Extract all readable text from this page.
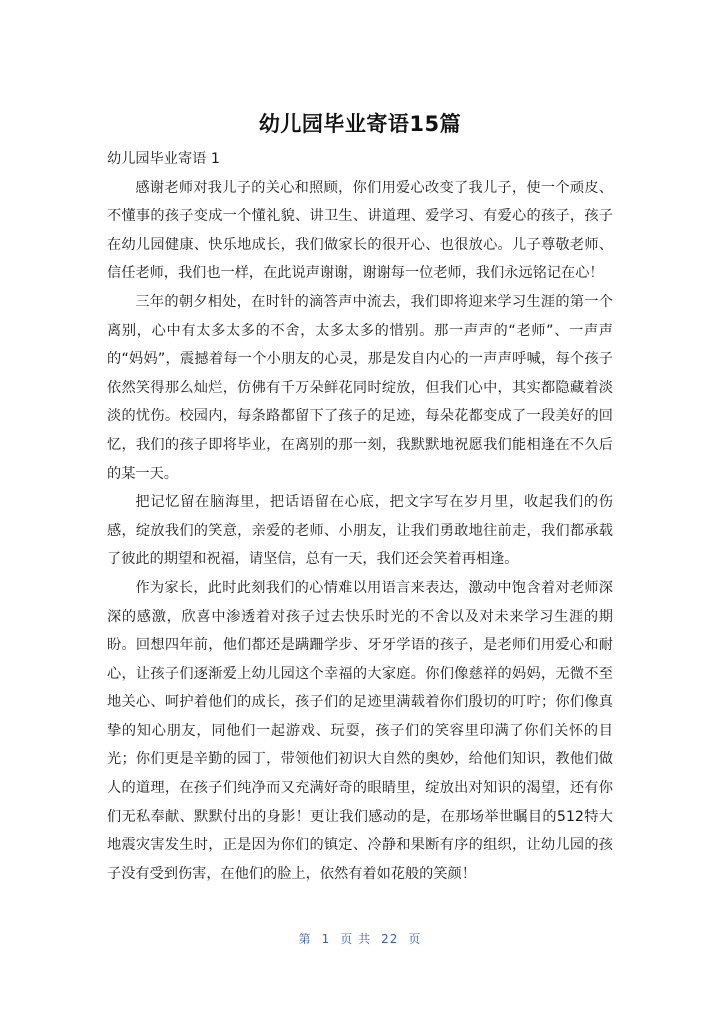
幼儿园毕业寄语15篇

幼儿园毕业寄语 1

感谢老师对我儿子的关心和照顾，你们用爱心改变了我儿子，使一个顽皮、不懂事的孩子变成一个懂礼貌、讲卫生、讲道理、爱学习、有爱心的孩子，孩子在幼儿园健康、快乐地成长，我们做家长的很开心、也很放心。儿子尊敬老师、信任老师，我们也一样，在此说声谢谢，谢谢每一位老师，我们永远铭记在心！

三年的朝夕相处，在时针的滴答声中流去，我们即将迎来学习生涯的第一个离别，心中有太多太多的不舍，太多太多的惜别。那一声声的“老师”、一声声的“妈妈”，震撼着每一个小朋友的心灵，那是发自内心的一声声呼喊，每个孩子依然笑得那么灿烂，仿佛有千万朵鲜花同时绽放，但我们心中，其实都隐藏着淡淡的忧伤。校园内，每条路都留下了孩子的足迹，每朵花都变成了一段美好的回忆，我们的孩子即将毕业，在离别的那一刻，我默默地祝愿我们能相逢在不久后的某一天。

把记忆留在脑海里，把话语留在心底，把文字写在岁月里，收起我们的伤感，绽放我们的笑意，亲爱的老师、小朋友，让我们勇敢地往前走，我们都承载了彼此的期望和祝福，请坚信，总有一天，我们还会笑着再相逢。

作为家长，此时此刻我们的心情难以用语言来表达，激动中饱含着对老师深深的感激，欣喜中渗透着对孩子过去快乐时光的不舍以及对未来学习生涯的期盼。回想四年前，他们都还是蹒跚学步、牙牙学语的孩子，是老师们用爱心和耐心，让孩子们逐渐爱上幼儿园这个幸福的大家庭。你们像慈祥的妈妈，无微不至地关心、呵护着他们的成长，孩子们的足迹里满载着你们殷切的叮咛；你们像真挚的知心朋友，同他们一起游戏、玩耍，孩子们的笑容里印满了你们关怀的目光；你们更是辛勤的园丁，带领他们初识大自然的奥妙，给他们知识，教他们做人的道理，在孩子们纯净而又充满好奇的眼睛里，绽放出对知识的渴望，还有你们无私奉献、默默付出的身影！更让我们感动的是，在那场举世瞩目的512特大地震灾害发生时，正是因为你们的镇定、冷静和果断有序的组织，让幼儿园的孩子没有受到伤害，在他们的脸上，依然有着如花般的笑颜！

第 1 页 共 22 页
